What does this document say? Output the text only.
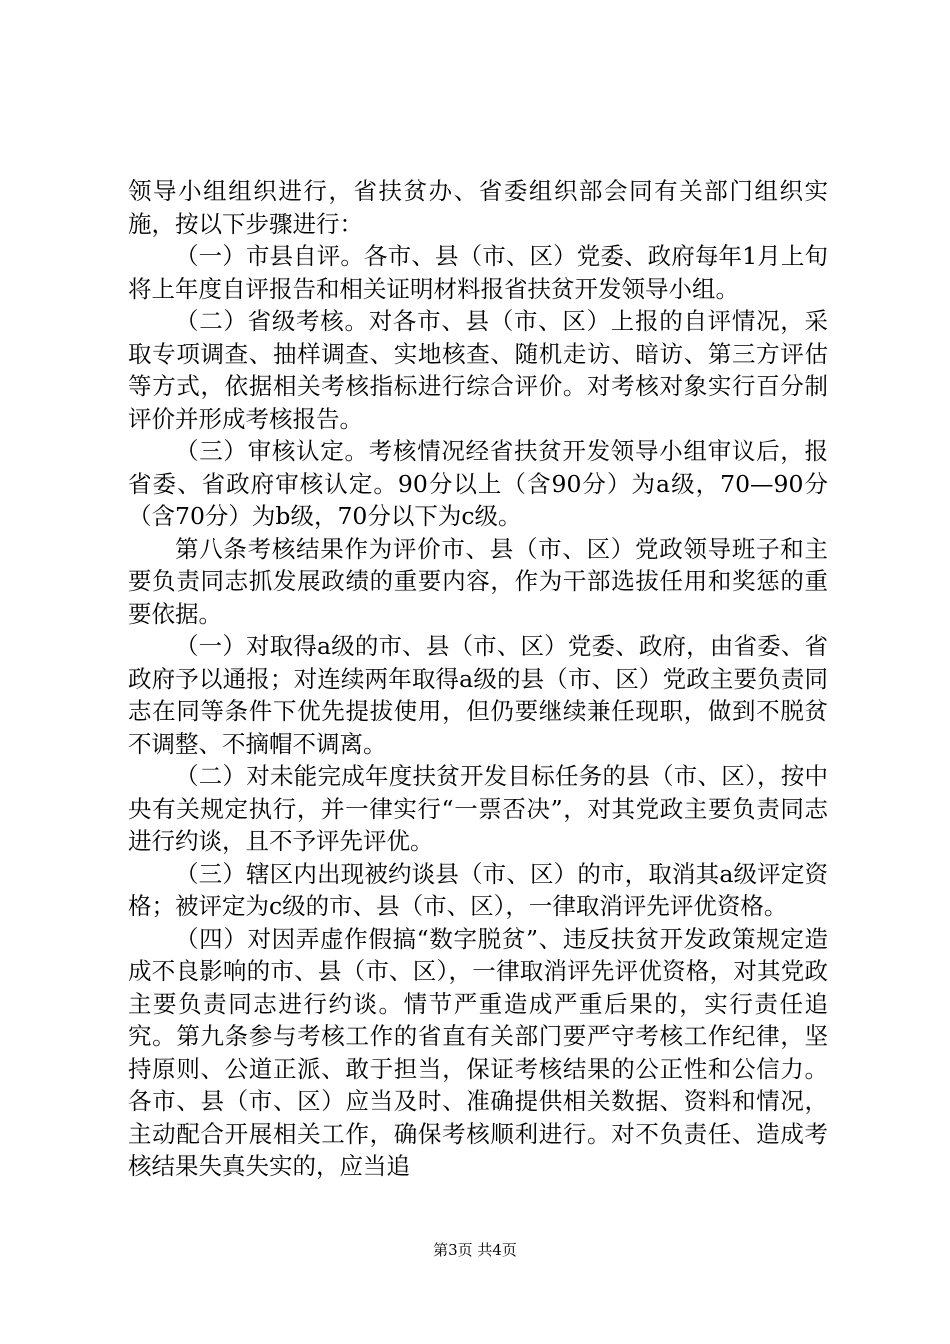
领导小组组织进行，省扶贫办、省委组织部会同有关部门组织实施，按以下步骤进行：

（一）市县自评。各市、县（市、区）党委、政府每年1月上旬将上年度自评报告和相关证明材料报省扶贫开发领导小组。

（二）省级考核。对各市、县（市、区）上报的自评情况，采取专项调查、抽样调查、实地核查、随机走访、暗访、第三方评估等方式，依据相关考核指标进行综合评价。对考核对象实行百分制评价并形成考核报告。

（三）审核认定。考核情况经省扶贫开发领导小组审议后，报省委、省政府审核认定。90分以上（含90分）为a级，70—90分（含70分）为b级，70分以下为c级。

第八条考核结果作为评价市、县（市、区）党政领导班子和主要负责同志抓发展政绩的重要内容，作为干部选拔任用和奖惩的重要依据。

（一）对取得a级的市、县（市、区）党委、政府，由省委、省政府予以通报；对连续两年取得a级的县（市、区）党政主要负责同志在同等条件下优先提拔使用，但仍要继续兼任现职，做到不脱贫不调整、不摘帽不调离。

（二）对未能完成年度扶贫开发目标任务的县（市、区），按中央有关规定执行，并一律实行“一票否决”，对其党政主要负责同志进行约谈，且不予评先评优。

（三）辖区内出现被约谈县（市、区）的市，取消其a级评定资格；被评定为c级的市、县（市、区），一律取消评先评优资格。

（四）对因弄虚作假搞“数字脱贫”、违反扶贫开发政策规定造成不良影响的市、县（市、区），一律取消评先评优资格，对其党政主要负责同志进行约谈。情节严重造成严重后果的，实行责任追究。第九条参与考核工作的省直有关部门要严守考核工作纪律，坚持原则、公道正派、敢于担当，保证考核结果的公正性和公信力。各市、县（市、区）应当及时、准确提供相关数据、资料和情况，主动配合开展相关工作，确保考核顺利进行。对不负责任、造成考核结果失真失实的，应当追

第3页 共4页
